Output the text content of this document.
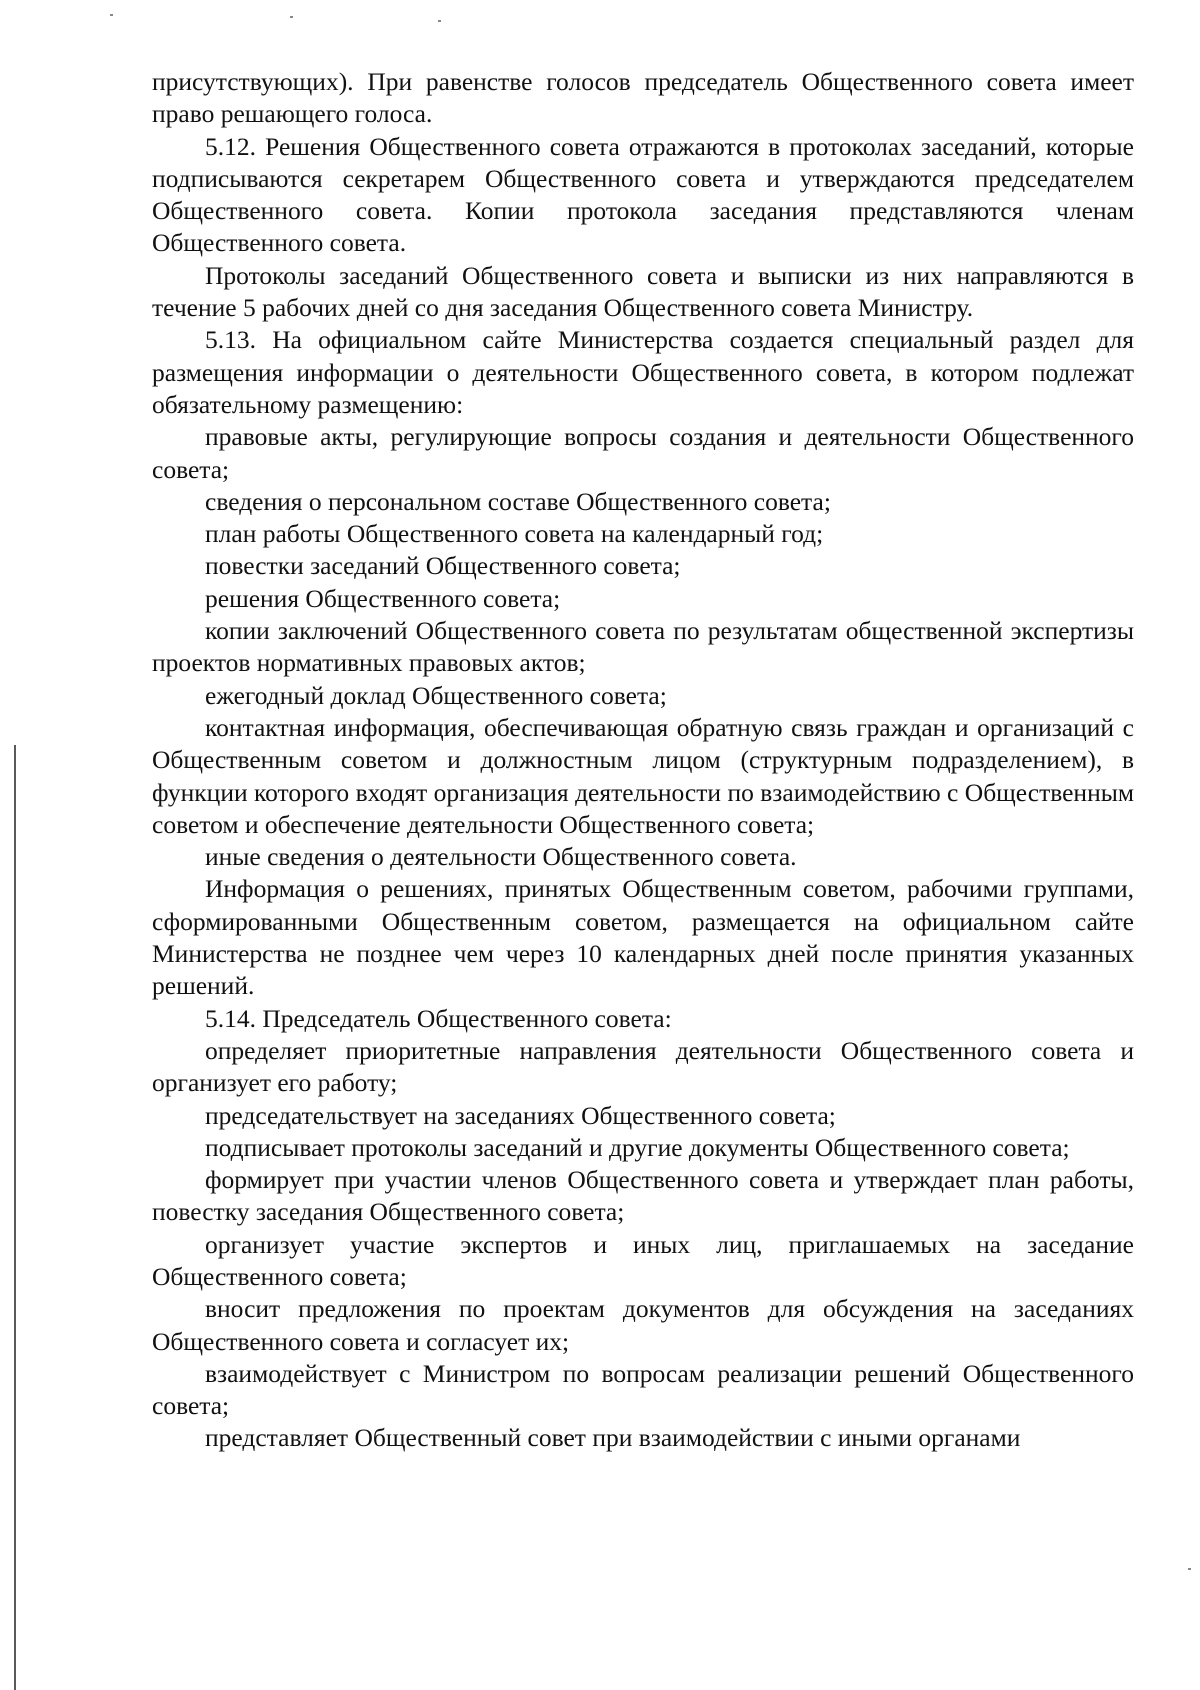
присутствующих). При равенстве голосов председатель Общественного совета имеет право решающего голоса.

5.12. Решения Общественного совета отражаются в протоколах заседаний, которые подписываются секретарем Общественного совета и утверждаются председателем Общественного совета. Копии протокола заседания представляются членам Общественного совета.

Протоколы заседаний Общественного совета и выписки из них направляются в течение 5 рабочих дней со дня заседания Общественного совета Министру.

5.13. На официальном сайте Министерства создается специальный раздел для размещения информации о деятельности Общественного совета, в котором подлежат обязательному размещению:

правовые акты, регулирующие вопросы создания и деятельности Общественного совета;

сведения о персональном составе Общественного совета;

план работы Общественного совета на календарный год;

повестки заседаний Общественного совета;

решения Общественного совета;

копии заключений Общественного совета по результатам общественной экспертизы проектов нормативных правовых актов;

ежегодный доклад Общественного совета;

контактная информация, обеспечивающая обратную связь граждан и организаций с Общественным советом и должностным лицом (структурным подразделением), в функции которого входят организация деятельности по взаимодействию с Общественным советом и обеспечение деятельности Общественного совета;

иные сведения о деятельности Общественного совета.

Информация о решениях, принятых Общественным советом, рабочими группами, сформированными Общественным советом, размещается на официальном сайте Министерства не позднее чем через 10 календарных дней после принятия указанных решений.

5.14. Председатель Общественного совета:

определяет приоритетные направления деятельности Общественного совета и организует его работу;

председательствует на заседаниях Общественного совета;

подписывает протоколы заседаний и другие документы Общественного совета;

формирует при участии членов Общественного совета и утверждает план работы, повестку заседания Общественного совета;

организует участие экспертов и иных лиц, приглашаемых на заседание Общественного совета;

вносит предложения по проектам документов для обсуждения на заседаниях Общественного совета и согласует их;

взаимодействует с Министром по вопросам реализации решений Общественного совета;

представляет Общественный совет при взаимодействии с иными органами
